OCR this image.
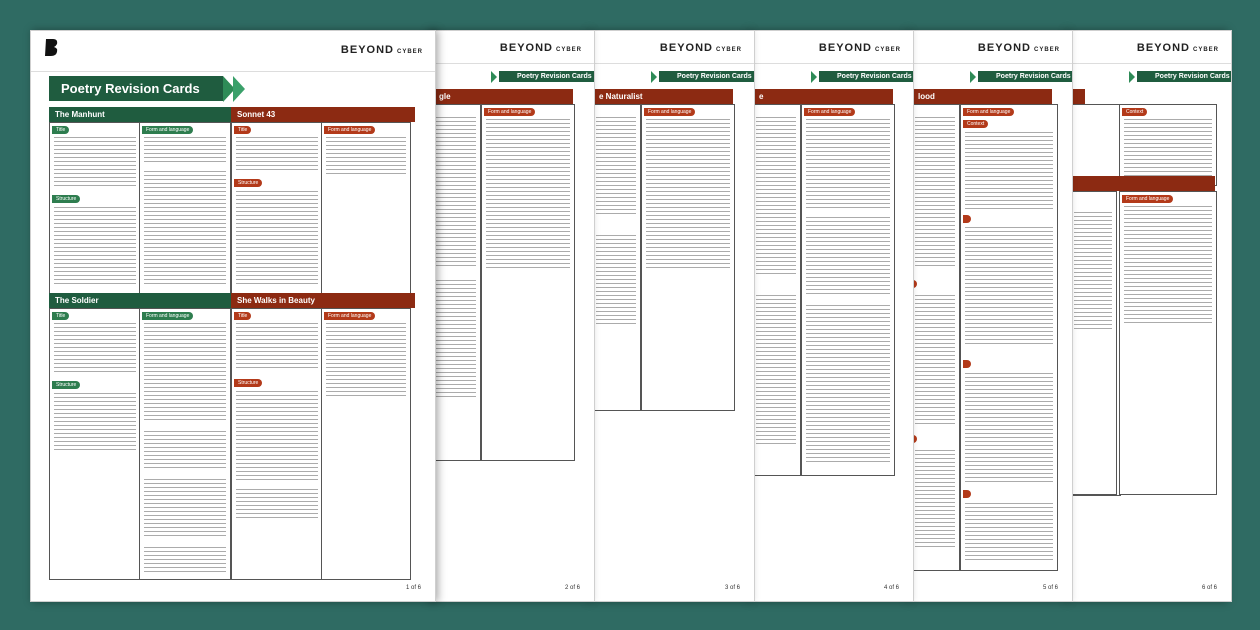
BEYOND CYBER
Poetry Revision Cards
Context
Form and language
6 of 6
BEYOND CYBER
Poetry Revision Cards
lood
Form and language
Context
5 of 6
BEYOND CYBER
Poetry Revision Cards
e
Form and language
4 of 6
BEYOND CYBER
Poetry Revision Cards
e Naturalist
Form and language
3 of 6
BEYOND CYBER
Poetry Revision Cards
gle
Form and language
2 of 6
BEYOND CYBER
Poetry Revision Cards
The Manhunt	Sonnet 43
Title
Structure
Form and language	Title
Structure
Form and language
The Soldier	She Walks in Beauty
Title
Structure
Form and language	Title
Structure
Form and language
1 of 6
